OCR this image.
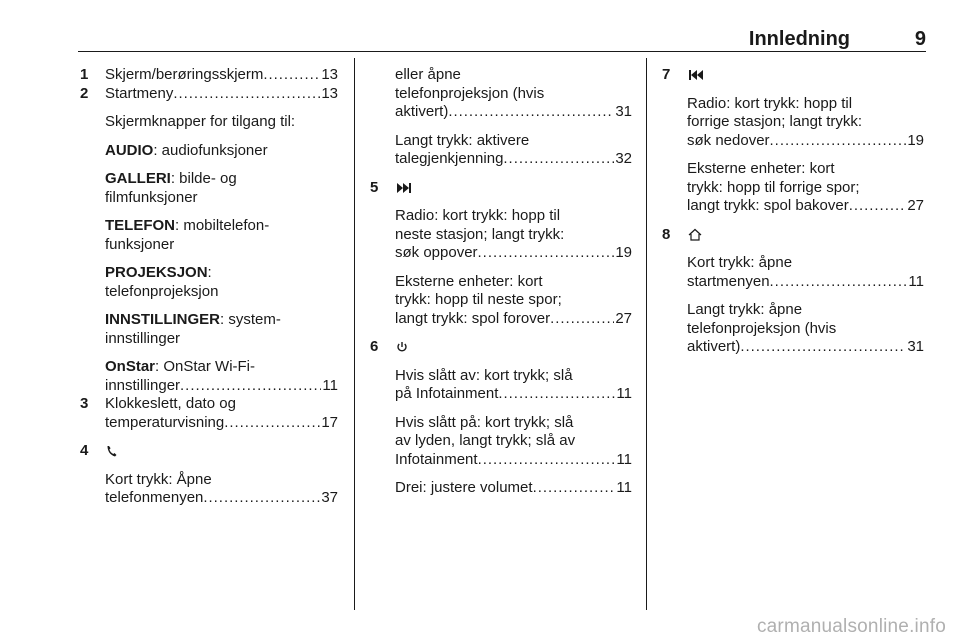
Innledning	9
1 Skjerm/berøringsskjerm . . .	13
2 Startmeny . . .	13
Skjermknapper for tilgang til:
AUDIO: audiofunksjoner
GALLERI: bilde- og
filmfunksjoner
TELEFON: mobiltelefon-
funksjoner
PROJEKSJON:
telefonprojeksjon
INNSTILLINGER: system-
innstillinger
OnStar: OnStar Wi-Fi-
innstillinger . . .	11
3 Klokkeslett, dato og
temperaturvisning . . .	17
4
Kort trykk: Åpne
telefonmenyen . . .	37
eller åpne
telefonprojeksjon (hvis
aktivert) . . .	31
Langt trykk: aktivere
talegjenkjenning . . .	32
5
Radio: kort trykk: hopp til
neste stasjon; langt trykk:
søk oppover . . .	19
Eksterne enheter: kort
trykk: hopp til neste spor;
langt trykk: spol forover . . .	27
6
Hvis slått av: kort trykk; slå
på Infotainment . . .	11
Hvis slått på: kort trykk; slå
av lyden, langt trykk; slå av
Infotainment . . .	11
Drei: justere volumet . . .	11
7
Radio: kort trykk: hopp til
forrige stasjon; langt trykk:
søk nedover . . .	19
Eksterne enheter: kort
trykk: hopp til forrige spor;
langt trykk: spol bakover . . .	27
8
Kort trykk: åpne
startmenyen . . .	11
Langt trykk: åpne
telefonprojeksjon (hvis
aktivert) . . .	31
carmanualsonline.info
